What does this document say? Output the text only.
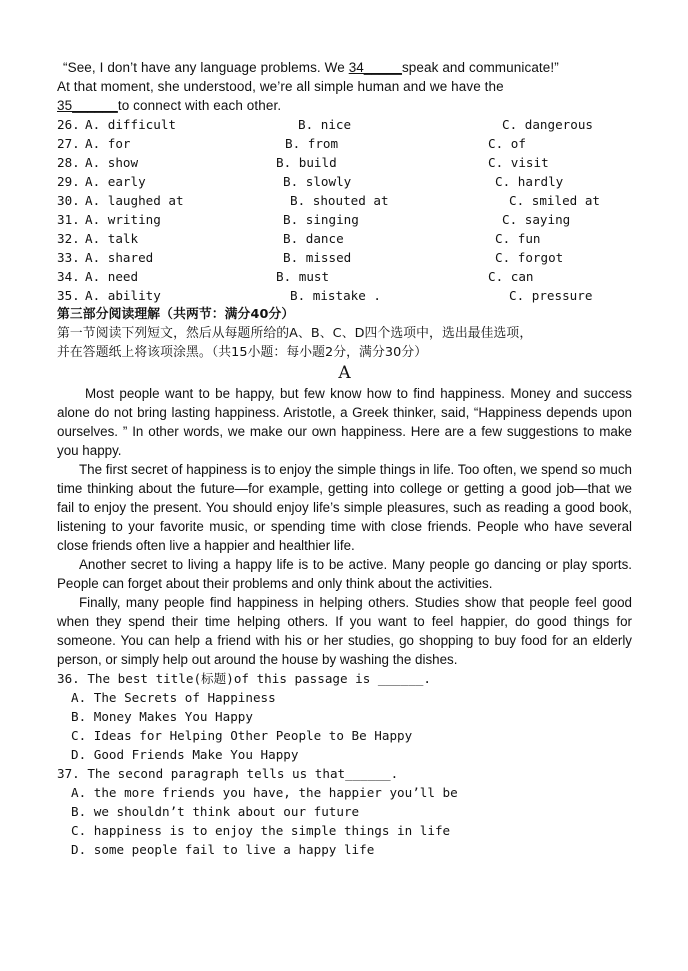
“See, I don’t have any language problems. We 34_____speak and communicate!”
At that moment, she understood, we’re all simple human and we have the
35______to connect with each other.
26. A. difficult	B. nice	C. dangerous
27. A. for	B. from	C. of
28. A. show	B. build	C. visit
29. A. early	B. slowly	C. hardly
30. A. laughed at	B. shouted at	C. smiled at
31. A. writing	B. singing	C. saying
32. A. talk	B. dance	C. fun
33. A. shared	B. missed	C. forgot
34. A. need	B. must	C. can
35. A. ability	B. mistake .	C. pressure
第三部分阅读理解（共两节：满分40分）
第一节阅读下列短文，然后从每题所给的A、B、C、D四个选项中，选出最佳选项，
并在答题纸上将该项涂黑。（共15小题：每小题2分，满分30分）
A
Most people want to be happy, but few know how to find happiness. Money and success alone do not bring lasting happiness. Aristotle, a Greek thinker, said, “Happiness depends upon ourselves. ” In other words, we make our own happiness. Here are a few suggestions to make you happy.
The first secret of happiness is to enjoy the simple things in life. Too often, we spend so much time thinking about the future—for example, getting into college or getting a good job—that we fail to enjoy the present. You should enjoy life’s simple pleasures, such as reading a good book, listening to your favorite music, or spending time with close friends. People who have several close friends often live a happier and healthier life.
Another secret to living a happy life is to be active. Many people go dancing or play sports. People can forget about their problems and only think about the activities.
Finally, many people find happiness in helping others. Studies show that people feel good when they spend their time helping others. If you want to feel happier, do good things for someone. You can help a friend with his or her studies, go shopping to buy food for an elderly person, or simply help out around the house by washing the dishes.
36. The best title(标题)of this passage is ______.
A. The Secrets of Happiness
B. Money Makes You Happy
C. Ideas for Helping Other People to Be Happy
D. Good Friends Make You Happy
37. The second paragraph tells us that______.
A. the more friends you have, the happier you’ll be
B. we shouldn’t think about our future
C. happiness is to enjoy the simple things in life
D. some people fail to live a happy life
